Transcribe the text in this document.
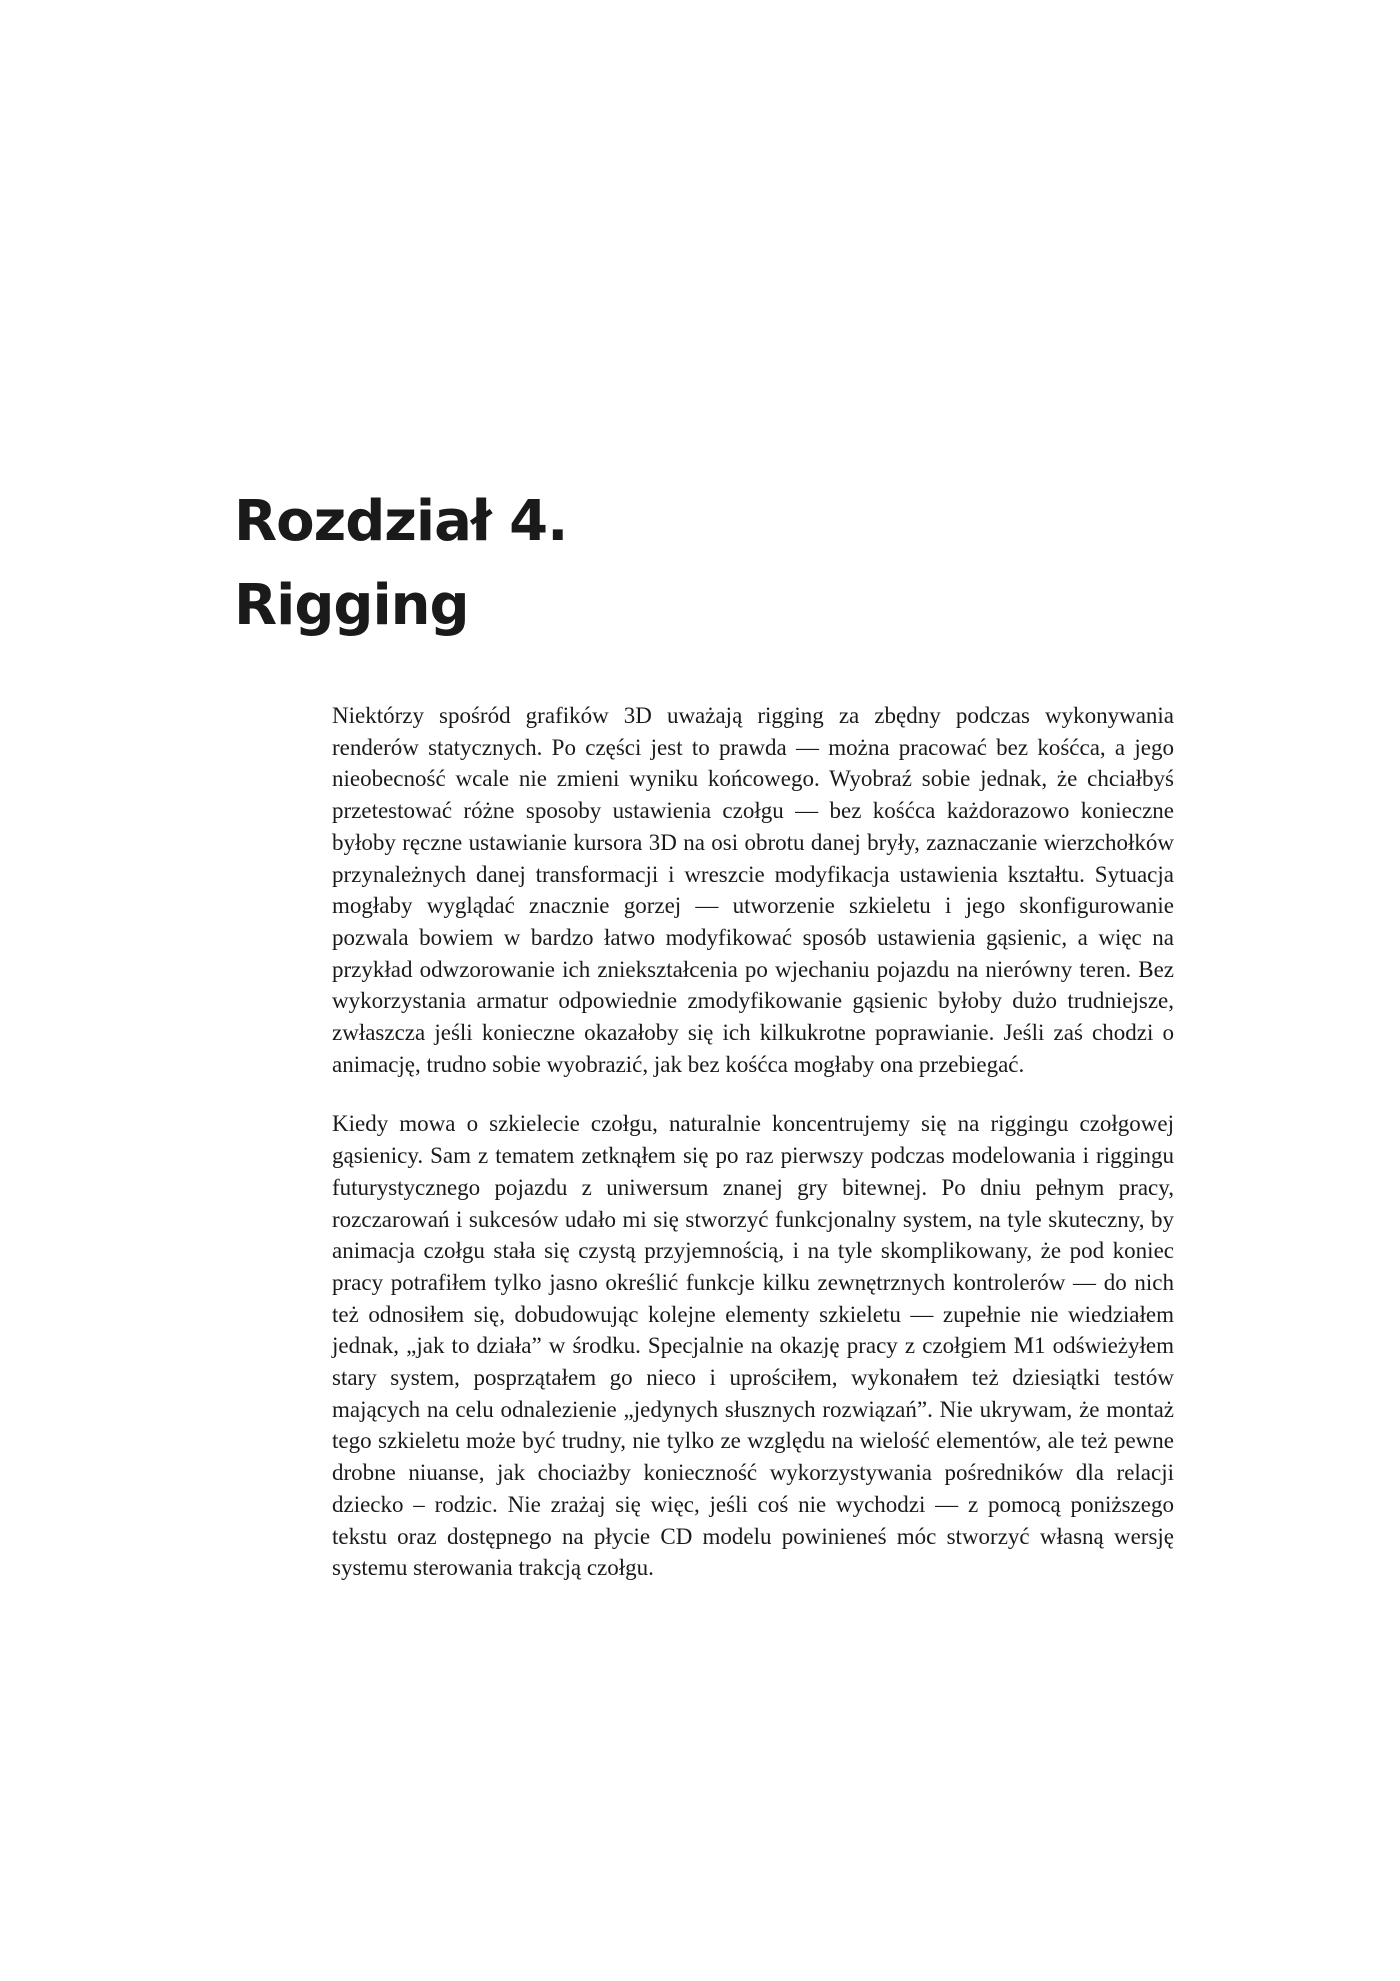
Rozdział 4.
Rigging

Niektórzy spośród grafików 3D uważają rigging za zbędny podczas wykonywania renderów statycznych. Po części jest to prawda — można pracować bez kośćca, a jego nieobecność wcale nie zmieni wyniku końcowego. Wyobraź sobie jednak, że chciałbyś przetestować różne sposoby ustawienia czołgu — bez kośćca każdorazowo konieczne byłoby ręczne ustawianie kursora 3D na osi obrotu danej bryły, zaznaczanie wierzchołków przynależnych danej transformacji i wreszcie modyfikacja ustawienia kształtu. Sytuacja mogłaby wyglądać znacznie gorzej — utworzenie szkieletu i jego skonfigurowanie pozwala bowiem w bardzo łatwo modyfikować sposób ustawienia gąsienic, a więc na przykład odwzorowanie ich zniekształcenia po wjechaniu pojazdu na nierówny teren. Bez wykorzystania armatur odpowiednie zmodyfikowanie gąsienic byłoby dużo trudniejsze, zwłaszcza jeśli konieczne okazałoby się ich kilkukrotne poprawianie. Jeśli zaś chodzi o animację, trudno sobie wyobrazić, jak bez kośćca mogłaby ona przebiegać.

Kiedy mowa o szkielecie czołgu, naturalnie koncentrujemy się na riggingu czołgowej gąsienicy. Sam z tematem zetknąłem się po raz pierwszy podczas modelowania i riggingu futurystycznego pojazdu z uniwersum znanej gry bitewnej. Po dniu pełnym pracy, rozczarowań i sukcesów udało mi się stworzyć funkcjonalny system, na tyle skuteczny, by animacja czołgu stała się czystą przyjemnością, i na tyle skomplikowany, że pod koniec pracy potrafiłem tylko jasno określić funkcje kilku zewnętrznych kontrolerów — do nich też odnosiłem się, dobudowując kolejne elementy szkieletu — zupełnie nie wiedziałem jednak, „jak to działa” w środku. Specjalnie na okazję pracy z czołgiem M1 odświeżyłem stary system, posprzątałem go nieco i uprościłem, wykonałem też dziesiątki testów mających na celu odnalezienie „jedynych słusznych rozwiązań”. Nie ukrywam, że montaż tego szkieletu może być trudny, nie tylko ze względu na wielość elementów, ale też pewne drobne niuanse, jak chociażby konieczność wykorzystywania pośredników dla relacji dziecko – rodzic. Nie zrażaj się więc, jeśli coś nie wychodzi — z pomocą poniższego tekstu oraz dostępnego na płycie CD modelu powinieneś móc stworzyć własną wersję systemu sterowania trakcją czołgu.
